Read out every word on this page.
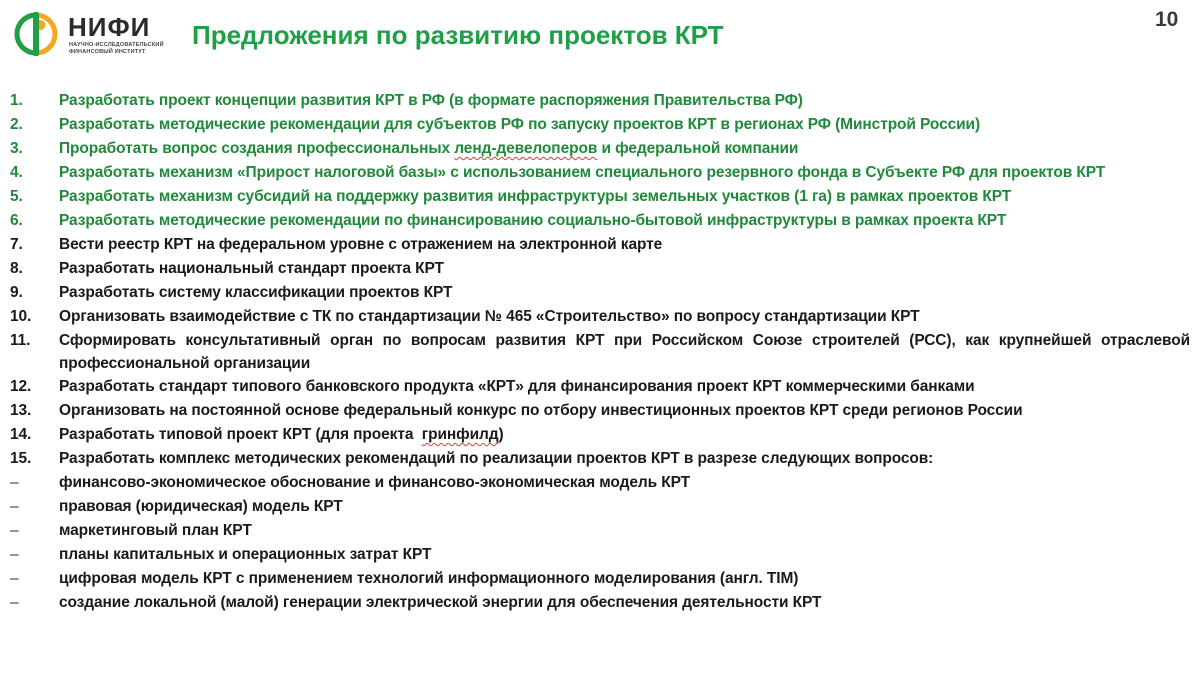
НИФИ
НАУЧНО-ИССЛЕДОВАТЕЛЬСКИЙ
ФИНАНСОВЫЙ ИНСТИТУТ
Предложения по развитию проектов КРТ
10
1.	Разработать проект концепции развития КРТ в РФ (в формате распоряжения Правительства РФ)
2.	Разработать методические рекомендации для субъектов РФ по запуску проектов КРТ в регионах РФ (Минстрой России)
3.	Проработать вопрос создания профессиональных ленд-девелоперов и федеральной компании
4.	Разработать механизм «Прирост налоговой базы» с использованием специального резервного фонда в Субъекте РФ для проектов КРТ
5.	Разработать механизм субсидий на поддержку развития инфраструктуры земельных участков (1 га) в рамках проектов КРТ
6.	Разработать методические рекомендации по финансированию социально-бытовой инфраструктуры в рамках проекта КРТ
7.	Вести реестр КРТ на федеральном уровне с отражением на электронной карте
8.	Разработать национальный стандарт проекта КРТ
9.	Разработать систему классификации проектов КРТ
10.	Организовать взаимодействие с ТК по стандартизации № 465 «Строительство» по вопросу стандартизации КРТ
11.	Сформировать консультативный орган по вопросам развития КРТ при Российском Союзе строителей (РСС), как крупнейшей отраслевой профессиональной организации
12.	Разработать стандарт типового банковского продукта «КРТ» для финансирования проект КРТ коммерческими банками
13.	Организовать на постоянной основе федеральный конкурс по отбору инвестиционных проектов КРТ среди регионов России
14.	Разработать типовой проект КРТ (для проекта  гринфилд)
15.	Разработать комплекс методических рекомендаций по реализации проектов КРТ в разрезе следующих вопросов:
–	финансово-экономическое обоснование и финансово-экономическая модель КРТ
–	правовая (юридическая) модель КРТ
–	маркетинговый план КРТ
–	планы капитальных и операционных затрат КРТ
–	цифровая модель КРТ с применением технологий информационного моделирования (англ. TIM)
–	создание локальной (малой) генерации электрической энергии для обеспечения деятельности КРТ
